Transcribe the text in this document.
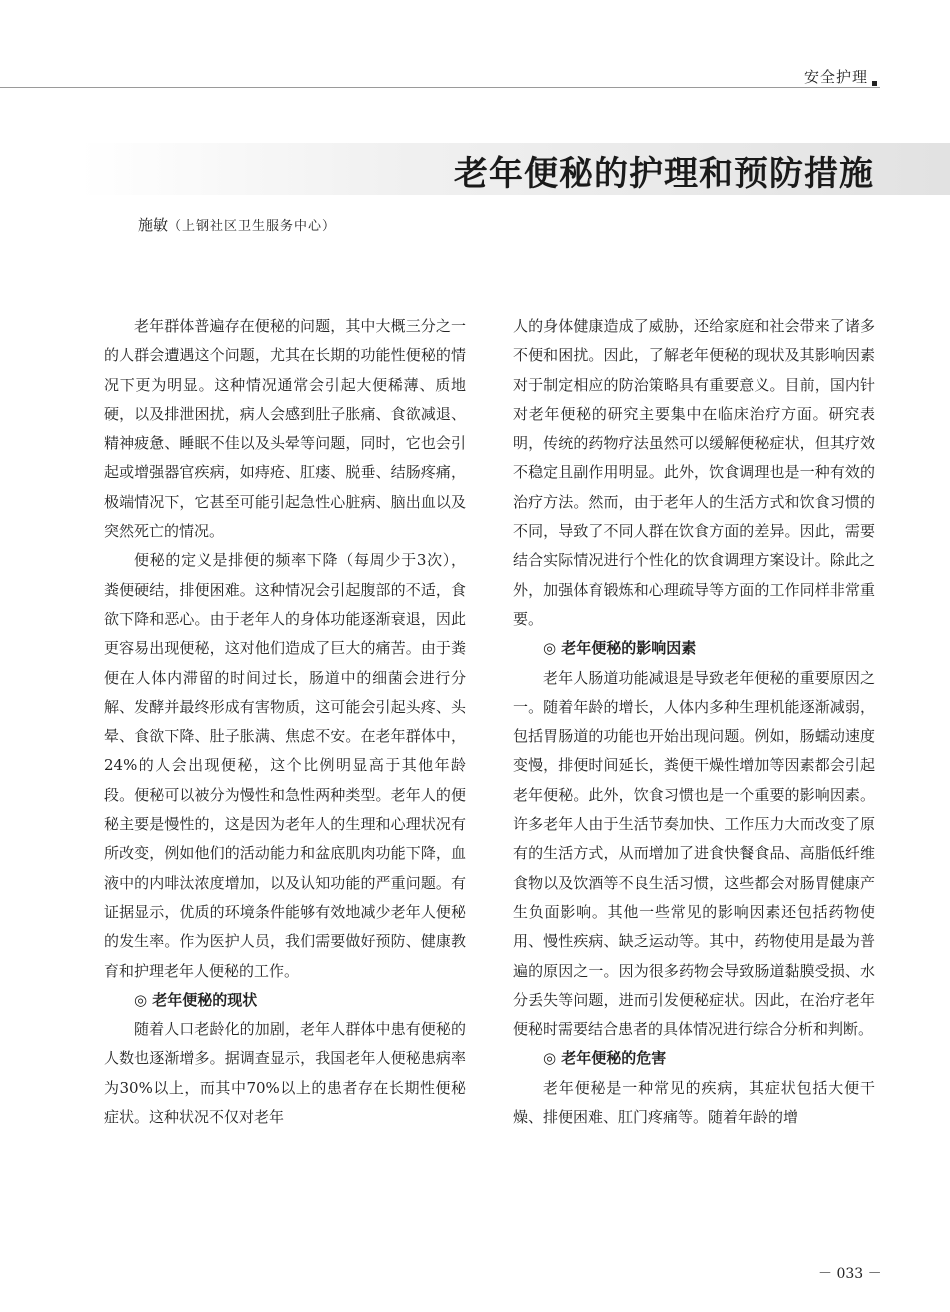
安全护理
老年便秘的护理和预防措施
施敏（上钢社区卫生服务中心）

老年群体普遍存在便秘的问题，其中大概三分之一的人群会遭遇这个问题，尤其在长期的功能性便秘的情况下更为明显。这种情况通常会引起大便稀薄、质地硬，以及排泄困扰，病人会感到肚子胀痛、食欲减退、精神疲惫、睡眠不佳以及头晕等问题，同时，它也会引起或增强器官疾病，如痔疮、肛瘘、脱垂、结肠疼痛，极端情况下，它甚至可能引起急性心脏病、脑出血以及突然死亡的情况。

便秘的定义是排便的频率下降（每周少于3次），粪便硬结，排便困难。这种情况会引起腹部的不适，食欲下降和恶心。由于老年人的身体功能逐渐衰退，因此更容易出现便秘，这对他们造成了巨大的痛苦。由于粪便在人体内滞留的时间过长，肠道中的细菌会进行分解、发酵并最终形成有害物质，这可能会引起头疼、头晕、食欲下降、肚子胀满、焦虑不安。在老年群体中，24%的人会出现便秘，这个比例明显高于其他年龄段。便秘可以被分为慢性和急性两种类型。老年人的便秘主要是慢性的，这是因为老年人的生理和心理状况有所改变，例如他们的活动能力和盆底肌肉功能下降，血液中的内啡汰浓度增加，以及认知功能的严重问题。有证据显示，优质的环境条件能够有效地减少老年人便秘的发生率。作为医护人员，我们需要做好预防、健康教育和护理老年人便秘的工作。

◎ 老年便秘的现状

随着人口老龄化的加剧，老年人群体中患有便秘的人数也逐渐增多。据调查显示，我国老年人便秘患病率为30%以上，而其中70%以上的患者存在长期性便秘症状。这种状况不仅对老年

人的身体健康造成了威胁，还给家庭和社会带来了诸多不便和困扰。因此，了解老年便秘的现状及其影响因素对于制定相应的防治策略具有重要意义。目前，国内针对老年便秘的研究主要集中在临床治疗方面。研究表明，传统的药物疗法虽然可以缓解便秘症状，但其疗效不稳定且副作用明显。此外，饮食调理也是一种有效的治疗方法。然而，由于老年人的生活方式和饮食习惯的不同，导致了不同人群在饮食方面的差异。因此，需要结合实际情况进行个性化的饮食调理方案设计。除此之外，加强体育锻炼和心理疏导等方面的工作同样非常重要。

◎ 老年便秘的影响因素

老年人肠道功能减退是导致老年便秘的重要原因之一。随着年龄的增长，人体内多种生理机能逐渐减弱，包括胃肠道的功能也开始出现问题。例如，肠蠕动速度变慢，排便时间延长，粪便干燥性增加等因素都会引起老年便秘。此外，饮食习惯也是一个重要的影响因素。许多老年人由于生活节奏加快、工作压力大而改变了原有的生活方式，从而增加了进食快餐食品、高脂低纤维食物以及饮酒等不良生活习惯，这些都会对肠胃健康产生负面影响。其他一些常见的影响因素还包括药物使用、慢性疾病、缺乏运动等。其中，药物使用是最为普遍的原因之一。因为很多药物会导致肠道黏膜受损、水分丢失等问题，进而引发便秘症状。因此，在治疗老年便秘时需要结合患者的具体情况进行综合分析和判断。

◎ 老年便秘的危害

老年便秘是一种常见的疾病，其症状包括大便干燥、排便困难、肛门疼痛等。随着年龄的增

－ 033 －
